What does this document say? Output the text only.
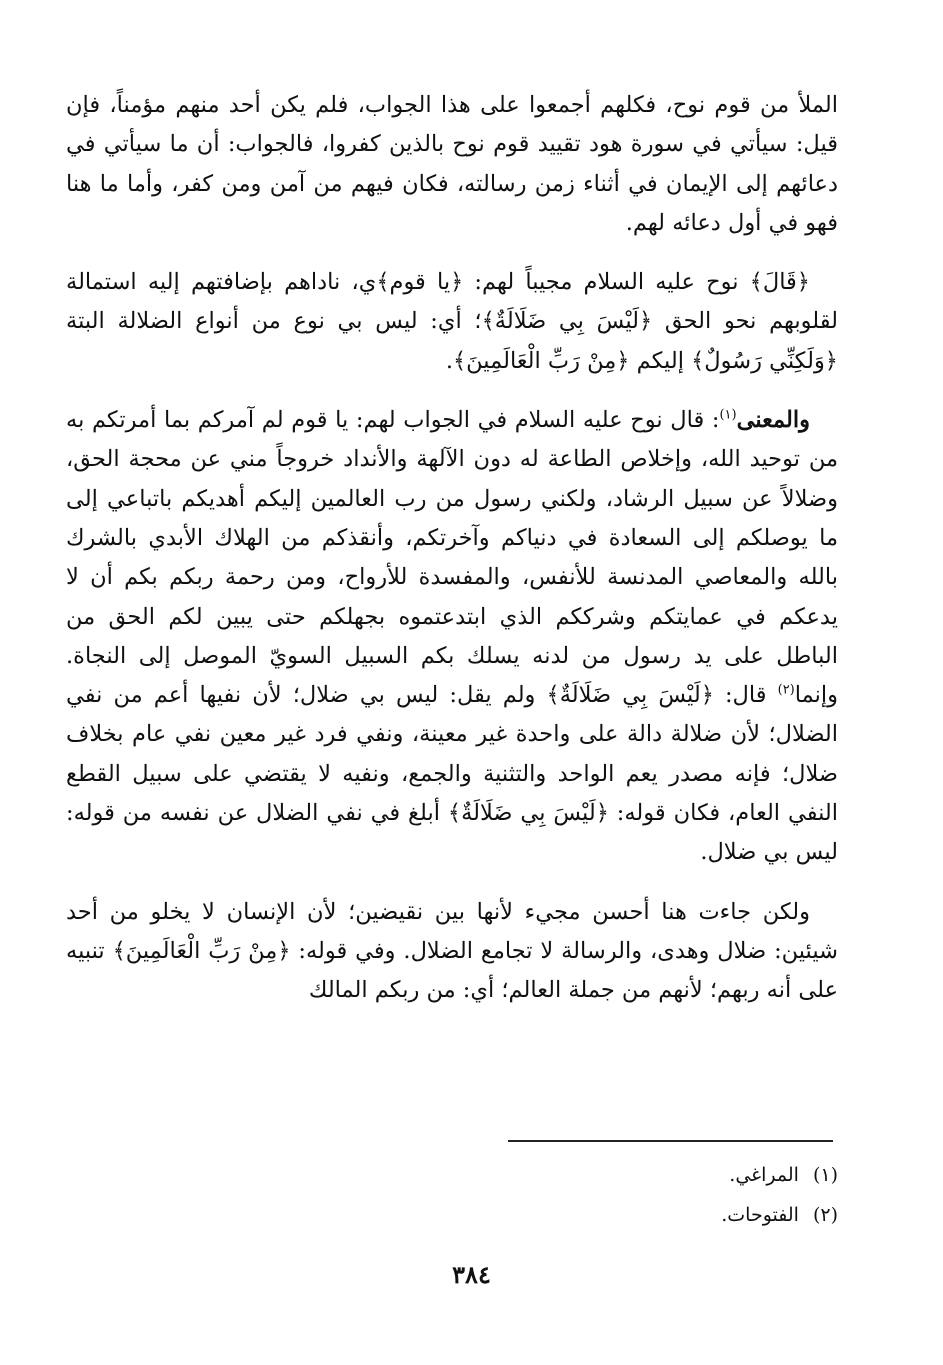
الملأ من قوم نوح، فكلهم أجمعوا على هذا الجواب، فلم يكن أحد منهم مؤمناً، فإن قيل: سيأتي في سورة هود تقييد قوم نوح بالذين كفروا، فالجواب: أن ما سيأتي في دعائهم إلى الإيمان في أثناء زمن رسالته، فكان فيهم من آمن ومن كفر، وأما ما هنا فهو في أول دعائه لهم.

﴿قَالَ﴾ نوح عليه السلام مجيباً لهم: ﴿يا قوم﴾ي، ناداهم بإضافتهم إليه استمالة لقلوبهم نحو الحق ﴿لَيْسَ بِي ضَلَالَةٌ﴾؛ أي: ليس بي نوع من أنواع الضلالة البتة ﴿وَلَكِنِّي رَسُولٌ﴾ إليكم ﴿مِنْ رَبِّ الْعَالَمِينَ﴾.

والمعنى$^{(١)}$: قال نوح عليه السلام في الجواب لهم: يا قوم لم آمركم بما أمرتكم به من توحيد الله، وإخلاص الطاعة له دون الآلهة والأنداد خروجاً مني عن محجة الحق، وضلالاً عن سبيل الرشاد، ولكني رسول من رب العالمين إليكم أهديكم باتباعي إلى ما يوصلكم إلى السعادة في دنياكم وآخرتكم، وأنقذكم من الهلاك الأبدي بالشرك بالله والمعاصي المدنسة للأنفس، والمفسدة للأرواح، ومن رحمة ربكم بكم أن لا يدعكم في عمايتكم وشرككم الذي ابتدعتموه بجهلكم حتى يبين لكم الحق من الباطل على يد رسول من لدنه يسلك بكم السبيل السويّ الموصل إلى النجاة. وإنما$^{(٢)}$ قال: ﴿لَيْسَ بِي ضَلَالَةٌ﴾ ولم يقل: ليس بي ضلال؛ لأن نفيها أعم من نفي الضلال؛ لأن ضلالة دالة على واحدة غير معينة، ونفي فرد غير معين نفي عام بخلاف ضلال؛ فإنه مصدر يعم الواحد والتثنية والجمع، ونفيه لا يقتضي على سبيل القطع النفي العام، فكان قوله: ﴿لَيْسَ بِي ضَلَالَةٌ﴾ أبلغ في نفي الضلال عن نفسه من قوله: ليس بي ضلال.

ولكن جاءت هنا أحسن مجيء لأنها بين نقيضين؛ لأن الإنسان لا يخلو من أحد شيئين: ضلال وهدى، والرسالة لا تجامع الضلال. وفي قوله: ﴿مِنْ رَبِّ الْعَالَمِينَ﴾ تنبيه على أنه ربهم؛ لأنهم من جملة العالم؛ أي: من ربكم المالك

(١)المراغي.
(٢)الفتوحات.
٣٨٤
